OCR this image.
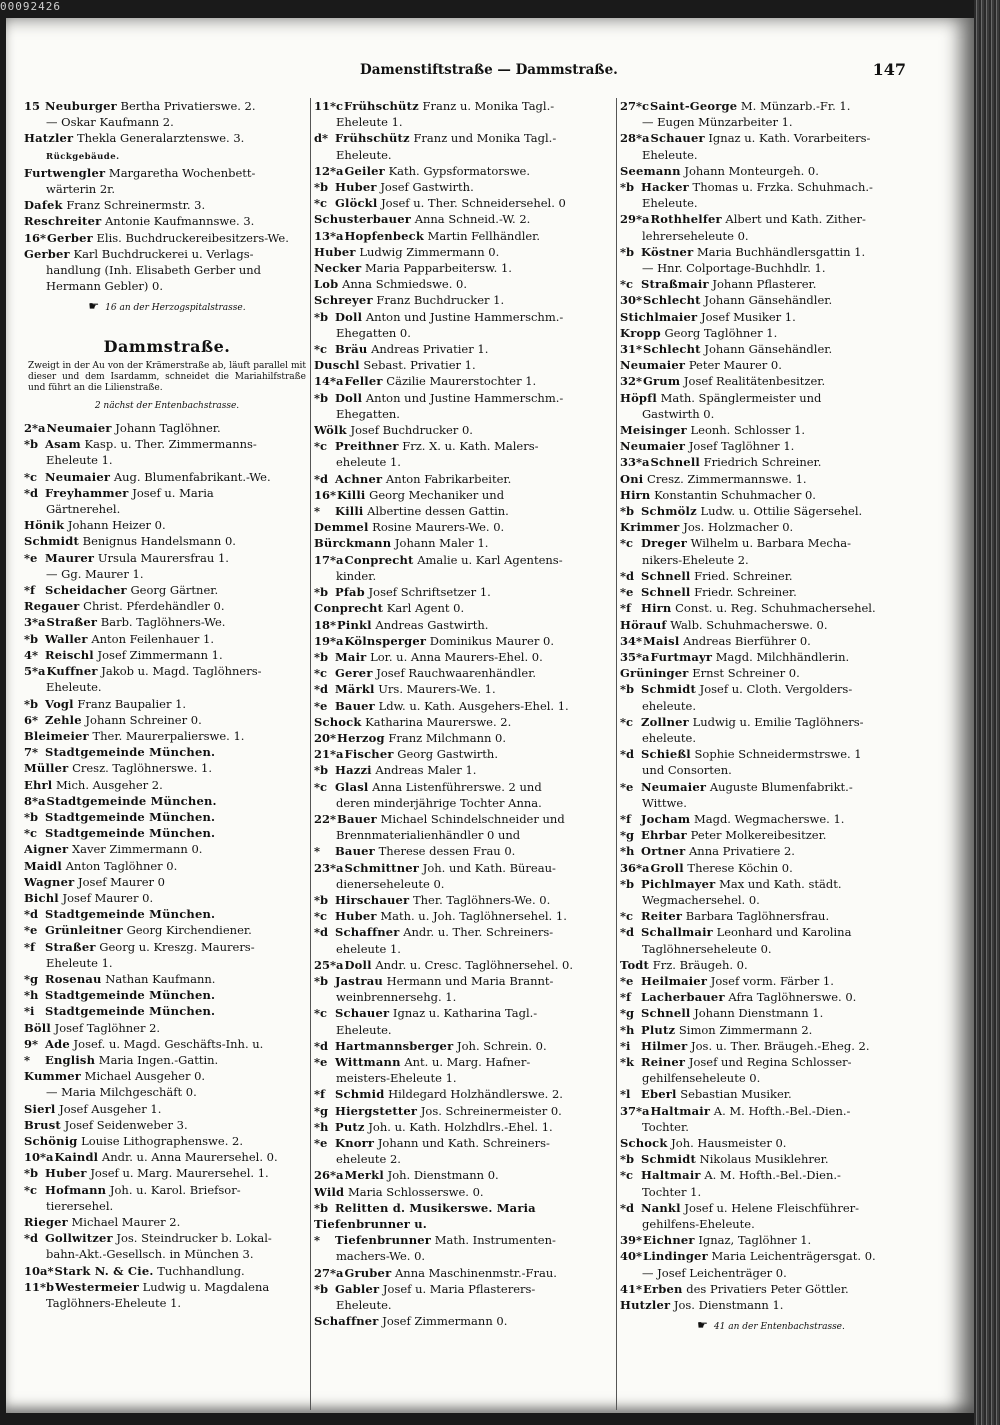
00092426
Damenstiftstraße — Dammstraße.	147
15 Neuburger Bertha Privatierswe. 2.
— Oskar Kaufmann 2.
Hatzler Thekla Generalarztenswe. 3.
Rückgebäude.
Furtwengler Margaretha Wochenbett-
wärterin 2r.
Dafek Franz Schreinermstr. 3.
Reschreiter Antonie Kaufmannswe. 3.
16*Gerber Elis. Buchdruckereibesitzers-We.
Gerber Karl Buchdruckerei u. Verlags-
handlung (Inh. Elisabeth Gerber und
Hermann Gebler) 0.
☛ 16 an der Herzogspitalstrasse.
Dammstraße.
Zweigt in der Au von der Krämerstraße ab, läuft parallel mit dieser und dem Isardamm, schneidet die Mariahilfstraße und führt an die Lilienstraße.
2 nächst der Entenbachstrasse.
2*aNeumaier Johann Taglöhner.
*b Asam Kasp. u. Ther. Zimmermanns-
Eheleute 1.
*c Neumaier Aug. Blumenfabrikant.-We.
*d Freyhammer Josef u. Maria
Gärtnerehel.
Hönik Johann Heizer 0.
Schmidt Benignus Handelsmann 0.
*e Maurer Ursula Maurersfrau 1.
— Gg. Maurer 1.
*f Scheidacher Georg Gärtner.
Regauer Christ. Pferdehändler 0.
3*aStraßer Barb. Taglöhners-We.
*b Waller Anton Feilenhauer 1.
4* Reischl Josef Zimmermann 1.
5*aKuffner Jakob u. Magd. Taglöhners-
Eheleute.
*b Vogl Franz Baupalier 1.
6* Zehle Johann Schreiner 0.
Bleimeier Ther. Maurerpalierswe. 1.
7* Stadtgemeinde München.
Müller Cresz. Taglöhnerswe. 1.
Ehrl Mich. Ausgeher 2.
8*aStadtgemeinde München.
*b Stadtgemeinde München.
*c Stadtgemeinde München.
Aigner Xaver Zimmermann 0.
Maidl Anton Taglöhner 0.
Wagner Josef Maurer 0
Bichl Josef Maurer 0.
*d Stadtgemeinde München.
*e Grünleitner Georg Kirchendiener.
*f Straßer Georg u. Kreszg. Maurers-
Eheleute 1.
*g Rosenau Nathan Kaufmann.
*h Stadtgemeinde München.
*i Stadtgemeinde München.
Böll Josef Taglöhner 2.
9* Ade Josef. u. Magd. Geschäfts-Inh. u.
* English Maria Ingen.-Gattin.
Kummer Michael Ausgeher 0.
— Maria Milchgeschäft 0.
Sierl Josef Ausgeher 1.
Brust Josef Seidenweber 3.
Schönig Louise Lithographenswe. 2.
10*aKaindl Andr. u. Anna Maurersehel. 0.
*b Huber Josef u. Marg. Maurersehel. 1.
*c Hofmann Joh. u. Karol. Briefsor-
tierersehel.
Rieger Michael Maurer 2.
*d Gollwitzer Jos. Steindrucker b. Lokal-
bahn-Akt.-Gesellsch. in München 3.
10a*Stark N. & Cie. Tuchhandlung.
11*bWestermeier Ludwig u. Magdalena
Taglöhners-Eheleute 1.
11*cFrühschütz Franz u. Monika Tagl.-
Eheleute 1.
d* Frühschütz Franz und Monika Tagl.-
Eheleute.
12*aGeiler Kath. Gypsformatorswe.
*b Huber Josef Gastwirth.
*c Glöckl Josef u. Ther. Schneidersehel. 0
Schusterbauer Anna Schneid.-W. 2.
13*aHopfenbeck Martin Fellhändler.
Huber Ludwig Zimmermann 0.
Necker Maria Papparbeitersw. 1.
Lob Anna Schmiedswe. 0.
Schreyer Franz Buchdrucker 1.
*b Doll Anton und Justine Hammerschm.-
Ehegatten 0.
*c Bräu Andreas Privatier 1.
Duschl Sebast. Privatier 1.
14*aFeller Cäzilie Maurerstochter 1.
*b Doll Anton und Justine Hammerschm.-
Ehegatten.
Wölk Josef Buchdrucker 0.
*c Preithner Frz. X. u. Kath. Malers-
eheleute 1.
*d Achner Anton Fabrikarbeiter.
16*Killi Georg Mechaniker und
* Killi Albertine dessen Gattin.
Demmel Rosine Maurers-We. 0.
Bürckmann Johann Maler 1.
17*aConprecht Amalie u. Karl Agentens-
kinder.
*b Pfab Josef Schriftsetzer 1.
Conprecht Karl Agent 0.
18*Pinkl Andreas Gastwirth.
19*aKölnsperger Dominikus Maurer 0.
*b Mair Lor. u. Anna Maurers-Ehel. 0.
*c Gerer Josef Rauchwaarenhändler.
*d Märkl Urs. Maurers-We. 1.
*e Bauer Ldw. u. Kath. Ausgehers-Ehel. 1.
Schock Katharina Maurerswe. 2.
20*Herzog Franz Milchmann 0.
21*aFischer Georg Gastwirth.
*b Hazzi Andreas Maler 1.
*c Glasl Anna Listenführerswe. 2 und
deren minderjährige Tochter Anna.
22*Bauer Michael Schindelschneider und
Brennmaterialienhändler 0 und
* Bauer Therese dessen Frau 0.
23*aSchmittner Joh. und Kath. Büreau-
dienerseheleute 0.
*b Hirschauer Ther. Taglöhners-We. 0.
*c Huber Math. u. Joh. Taglöhnersehel. 1.
*d Schaffner Andr. u. Ther. Schreiners-
eheleute 1.
25*aDoll Andr. u. Cresc. Taglöhnersehel. 0.
*b Jastrau Hermann und Maria Brannt-
weinbrennersehg. 1.
*c Schauer Ignaz u. Katharina Tagl.-
Eheleute.
*d Hartmannsberger Joh. Schrein. 0.
*e Wittmann Ant. u. Marg. Hafner-
meisters-Eheleute 1.
*f Schmid Hildegard Holzhändlerswe. 2.
*g Hiergstetter Jos. Schreinermeister 0.
*h Putz Joh. u. Kath. Holzhdlrs.-Ehel. 1.
*e Knorr Johann und Kath. Schreiners-
eheleute 2.
26*aMerkl Joh. Dienstmann 0.
Wild Maria Schlosserswe. 0.
*b Relitten d. Musikerswe. Maria
Tiefenbrunner u.
* Tiefenbrunner Math. Instrumenten-
machers-We. 0.
27*aGruber Anna Maschinenmstr.-Frau.
*b Gabler Josef u. Maria Pflasterers-
Eheleute.
Schaffner Josef Zimmermann 0.
27*cSaint-George M. Münzarb.-Fr. 1.
— Eugen Münzarbeiter 1.
28*aSchauer Ignaz u. Kath. Vorarbeiters-
Eheleute.
Seemann Johann Monteurgeh. 0.
*b Hacker Thomas u. Frzka. Schuhmach.-
Eheleute.
29*aRothhelfer Albert und Kath. Zither-
lehrerseheleute 0.
*b Köstner Maria Buchhändlersgattin 1.
— Hnr. Colportage-Buchhdlr. 1.
*c Straßmair Johann Pflasterer.
30*Schlecht Johann Gänsehändler.
Stichlmaier Josef Musiker 1.
Kropp Georg Taglöhner 1.
31*Schlecht Johann Gänsehändler.
Neumaier Peter Maurer 0.
32*Grum Josef Realitätenbesitzer.
Höpfl Math. Spänglermeister und
Gastwirth 0.
Meisinger Leonh. Schlosser 1.
Neumaier Josef Taglöhner 1.
33*aSchnell Friedrich Schreiner.
Oni Cresz. Zimmermannswe. 1.
Hirn Konstantin Schuhmacher 0.
*b Schmölz Ludw. u. Ottilie Sägersehel.
Krimmer Jos. Holzmacher 0.
*c Dreger Wilhelm u. Barbara Mecha-
nikers-Eheleute 2.
*d Schnell Fried. Schreiner.
*e Schnell Friedr. Schreiner.
*f Hirn Const. u. Reg. Schuhmachersehel.
Hörauf Walb. Schuhmacherswe. 0.
34*Maisl Andreas Bierführer 0.
35*aFurtmayr Magd. Milchhändlerin.
Grüninger Ernst Schreiner 0.
*b Schmidt Josef u. Cloth. Vergolders-
eheleute.
*c Zollner Ludwig u. Emilie Taglöhners-
eheleute.
*d Schießl Sophie Schneidermstrswe. 1
und Consorten.
*e Neumaier Auguste Blumenfabrikt.-
Wittwe.
*f Jocham Magd. Wegmacherswe. 1.
*g Ehrbar Peter Molkereibesitzer.
*h Ortner Anna Privatiere 2.
36*aGroll Therese Köchin 0.
*b Pichlmayer Max und Kath. städt.
Wegmachersehel. 0.
*c Reiter Barbara Taglöhnersfrau.
*d Schallmair Leonhard und Karolina
Taglöhnerseheleute 0.
Todt Frz. Bräugeh. 0.
*e Heilmaier Josef vorm. Färber 1.
*f Lacherbauer Afra Taglöhnerswe. 0.
*g Schnell Johann Dienstmann 1.
*h Plutz Simon Zimmermann 2.
*i Hilmer Jos. u. Ther. Bräugeh.-Eheg. 2.
*k Reiner Josef und Regina Schlosser-
gehilfenseheleute 0.
*l Eberl Sebastian Musiker.
37*aHaltmair A. M. Hofth.-Bel.-Dien.-
Tochter.
Schock Joh. Hausmeister 0.
*b Schmidt Nikolaus Musiklehrer.
*c Haltmair A. M. Hofth.-Bel.-Dien.-
Tochter 1.
*d Nankl Josef u. Helene Fleischführer-
gehilfens-Eheleute.
39*Eichner Ignaz, Taglöhner 1.
40*Lindinger Maria Leichenträgersgat. 0.
— Josef Leichenträger 0.
41*Erben des Privatiers Peter Göttler.
Hutzler Jos. Dienstmann 1.
☛ 41 an der Entenbachstrasse.
